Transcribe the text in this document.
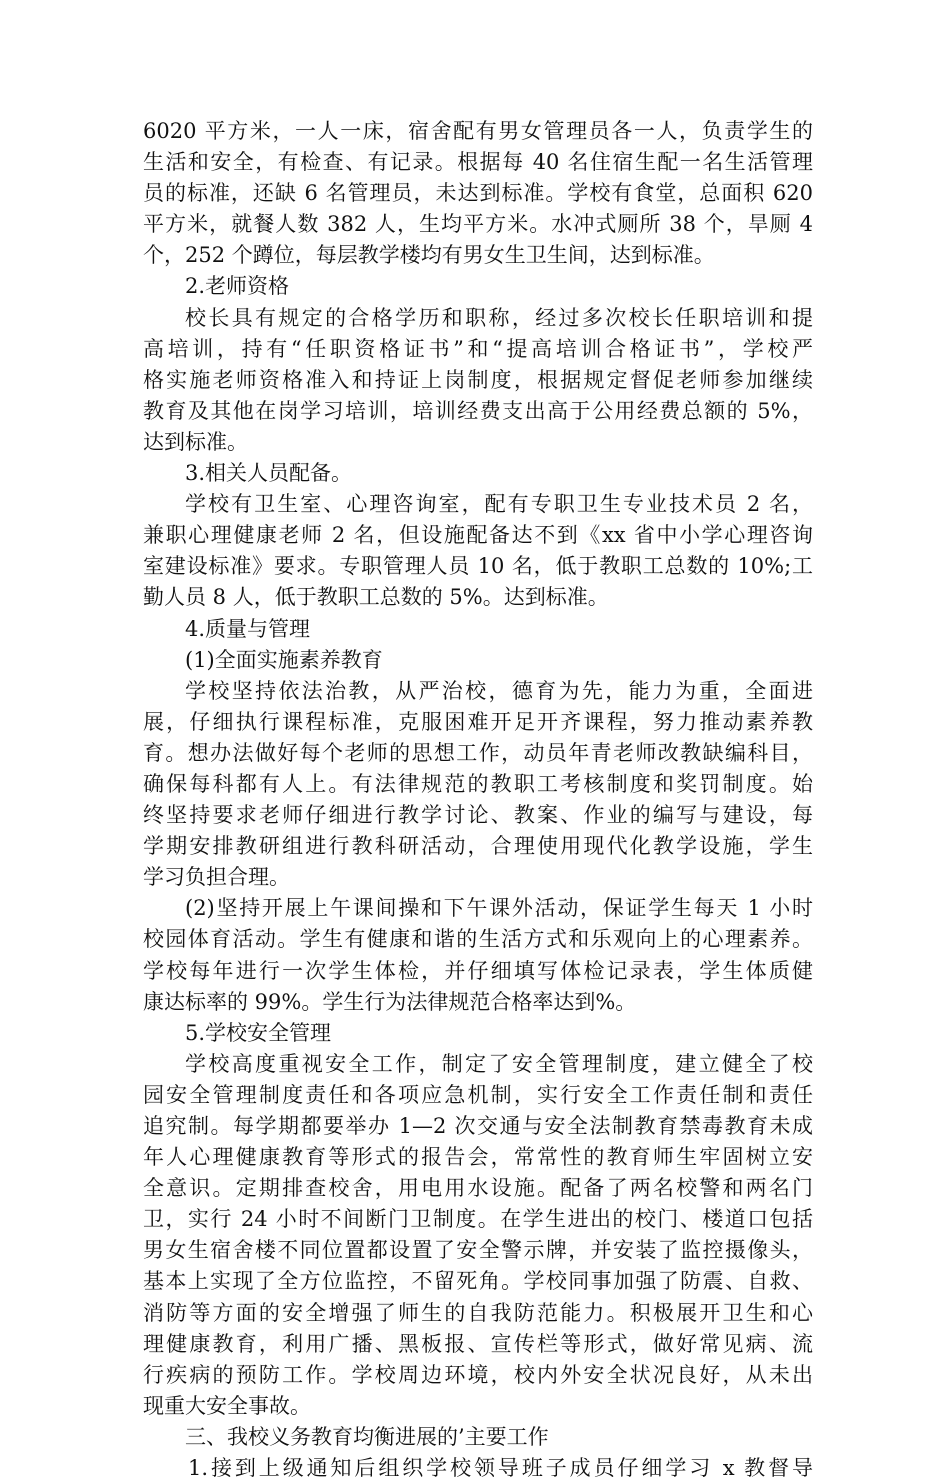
6020 平方米，一人一床，宿舍配有男女管理员各一人，负责学生的
生活和安全，有检查、有记录。根据每 40 名住宿生配一名生活管理
员的标准，还缺 6 名管理员，未达到标准。学校有食堂，总面积 620
平方米，就餐人数 382 人，生均平方米。水冲式厕所 38 个，旱厕 4
个，252 个蹲位，每层教学楼均有男女生卫生间，达到标准。
2.老师资格
校长具有规定的合格学历和职称，经过多次校长任职培训和提
高培训，持有“任职资格证书”和“提高培训合格证书”，学校严
格实施老师资格准入和持证上岗制度，根据规定督促老师参加继续
教育及其他在岗学习培训，培训经费支出高于公用经费总额的 5%，
达到标准。
3.相关人员配备。
学校有卫生室、心理咨询室，配有专职卫生专业技术员 2 名，
兼职心理健康老师 2 名，但设施配备达不到《xx 省中小学心理咨询
室建设标准》要求。专职管理人员 10 名，低于教职工总数的 10%;工
勤人员 8 人，低于教职工总数的 5%。达到标准。
4.质量与管理
(1)全面实施素养教育
学校坚持依法治教，从严治校，德育为先，能力为重，全面进
展，仔细执行课程标准，克服困难开足开齐课程，努力推动素养教
育。想办法做好每个老师的思想工作，动员年青老师改教缺编科目，
确保每科都有人上。有法律规范的教职工考核制度和奖罚制度。始
终坚持要求老师仔细进行教学讨论、教案、作业的编写与建设，每
学期安排教研组进行教科研活动，合理使用现代化教学设施，学生
学习负担合理。
(2)坚持开展上午课间操和下午课外活动，保证学生每天 1 小时
校园体育活动。学生有健康和谐的生活方式和乐观向上的心理素养。
学校每年进行一次学生体检，并仔细填写体检记录表，学生体质健
康达标率的 99%。学生行为法律规范合格率达到%。
5.学校安全管理
学校高度重视安全工作，制定了安全管理制度，建立健全了校
园安全管理制度责任和各项应急机制，实行安全工作责任制和责任
追究制。每学期都要举办 1—2 次交通与安全法制教育禁毒教育未成
年人心理健康教育等形式的报告会，常常性的教育师生牢固树立安
全意识。定期排查校舍，用电用水设施。配备了两名校警和两名门
卫，实行 24 小时不间断门卫制度。在学生进出的校门、楼道口包括
男女生宿舍楼不同位置都设置了安全警示牌，并安装了监控摄像头，
基本上实现了全方位监控，不留死角。学校同事加强了防震、自救、
消防等方面的安全增强了师生的自我防范能力。积极展开卫生和心
理健康教育，利用广播、黑板报、宣传栏等形式，做好常见病、流
行疾病的预防工作。学校周边环境，校内外安全状况良好，从未出
现重大安全事故。
三、我校义务教育均衡进展的’主要工作
1.接到上级通知后组织学校领导班子成员仔细学习 x 教督导
